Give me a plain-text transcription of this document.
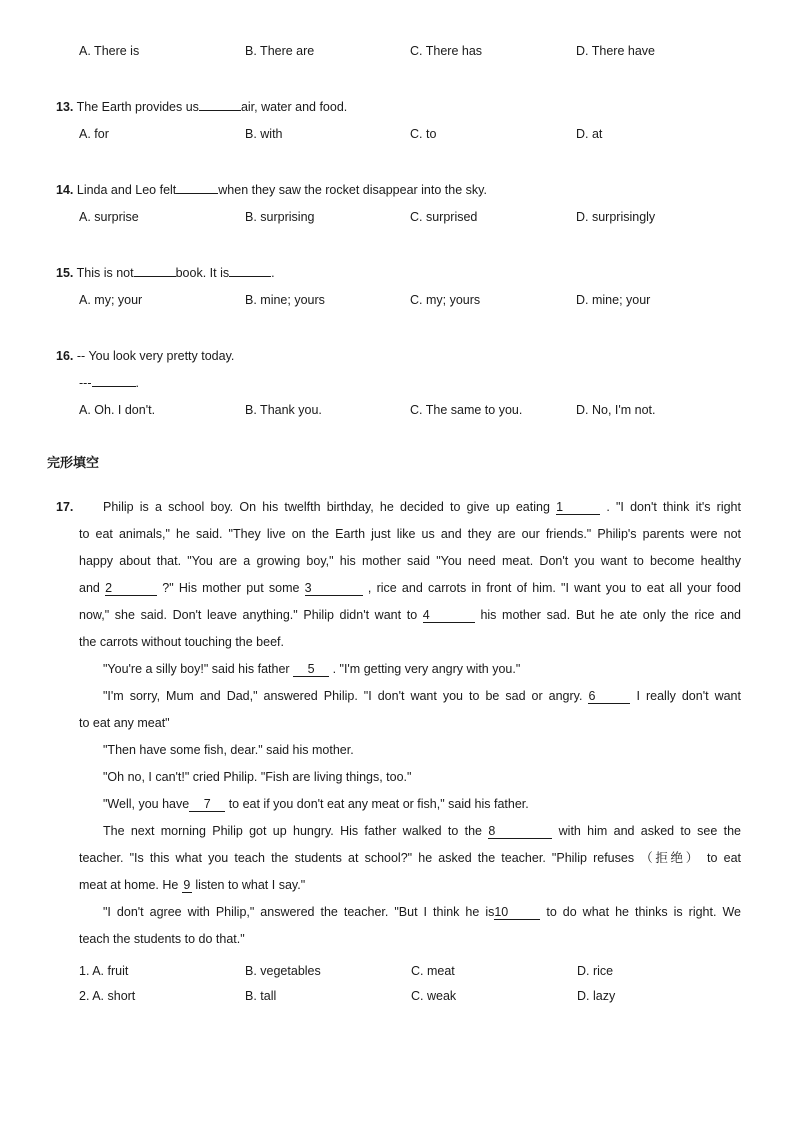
A. There is	B. There are	C. There has	D. There have
13. The Earth provides us	air, water and food.
A. for	B. with	C. to	D. at
14. Linda and Leo felt	when they saw the rocket disappear into the sky.
A. surprise	B. surprising	C. surprised	D. surprisingly
15. This is not	book. It is	.
A. my; your	B. mine; yours	C. my; yours	D. mine; your
16. -- You look very pretty today.
---	.
A. Oh. I don't.	B. Thank you.	C. The same to you.	D. No, I'm not.
完形填空
17.	Philip is a school boy. On his twelfth birthday, he decided to give up eating 1	. "I don't think it's right
to eat animals," he said. "They live on the Earth just like us and they are our friends." Philip's parents were not
happy about that. "You are a growing boy," his mother said "You need meat. Don't you want to become healthy
and 2	?" His mother put some 3	, rice and carrots in front of him. "I want you to eat all your food
now," she said. Don't leave anything." Philip didn't want to 4	his mother sad. But he ate only the rice and
the carrots without touching the beef.
"You're a silly boy!" said his father 5 . "I'm getting very angry with you."
"I'm sorry, Mum and Dad," answered Philip. "I don't want you to be sad or angry. 6	I really don't want
to eat any meat"
"Then have some fish, dear." said his mother.
"Oh no, I can't!" cried Philip. "Fish are living things, too."
"Well, you have 7 to eat if you don't eat any meat or fish," said his father.
The next morning Philip got up hungry. His father walked to the 8	with him and asked to see the
teacher. "Is this what you teach the students at school?" he asked the teacher. "Philip refuses （拒绝） to eat
meat at home. He 9 listen to what I say."
"I don't agree with Philip," answered the teacher. "But I think he is10	to do what he thinks is right. We
teach the students to do that."
1. A. fruit	B. vegetables	C. meat	D. rice
2. A. short	B. tall	C. weak	D. lazy
